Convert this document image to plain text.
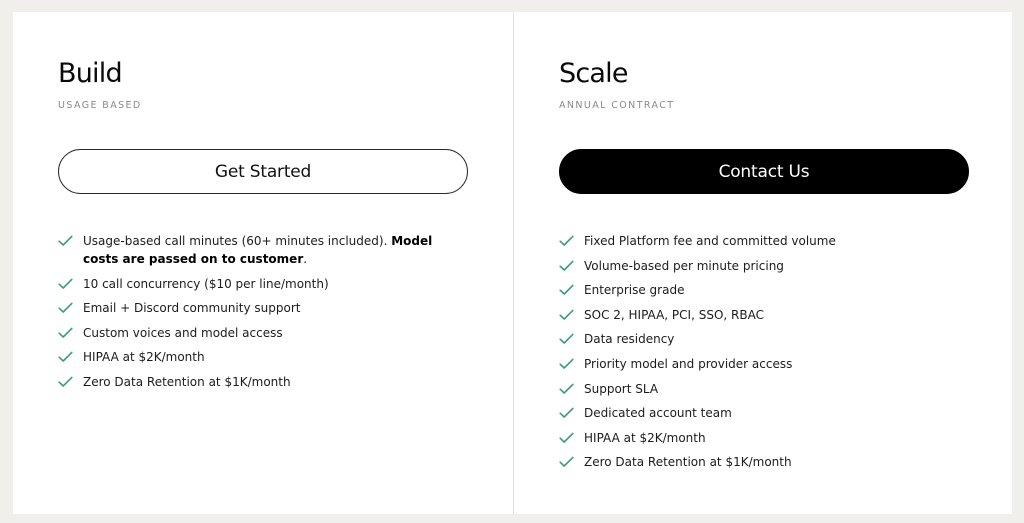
Build
USAGE BASED
Get Started
Usage-based call minutes (60+ minutes included). Model costs are passed on to customer.
10 call concurrency ($10 per line/month)
Email + Discord community support
Custom voices and model access
HIPAA at $2K/month
Zero Data Retention at $1K/month
Scale
ANNUAL CONTRACT
Contact Us
Fixed Platform fee and committed volume
Volume-based per minute pricing
Enterprise grade
SOC 2, HIPAA, PCI, SSO, RBAC
Data residency
Priority model and provider access
Support SLA
Dedicated account team
HIPAA at $2K/month
Zero Data Retention at $1K/month
